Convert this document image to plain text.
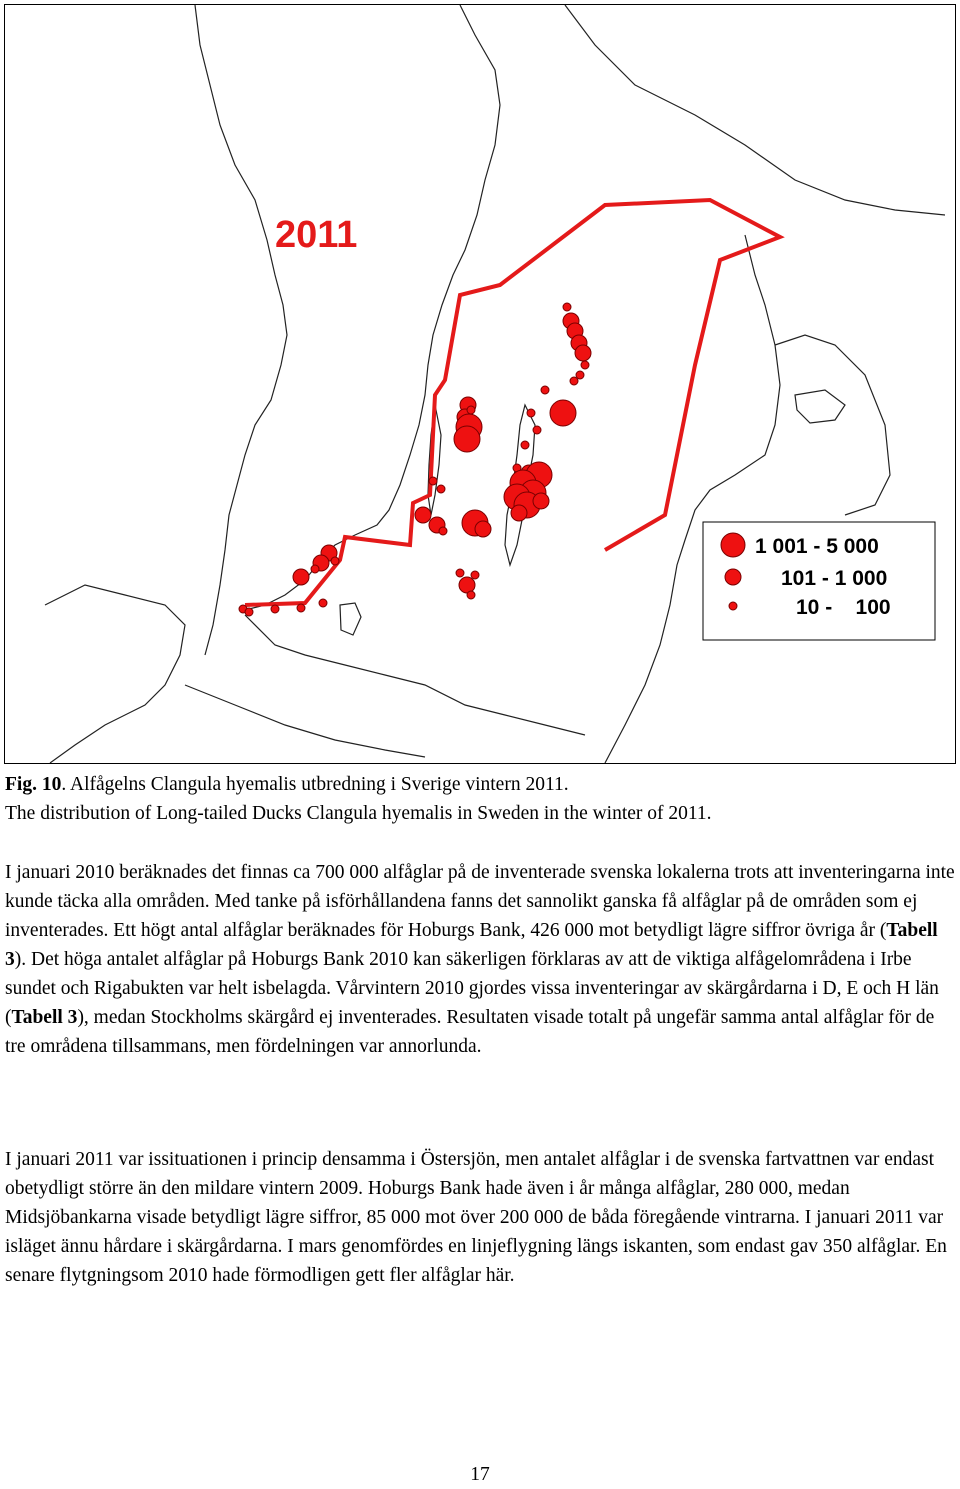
2011
1 001 - 5 000
101 - 1 000
10 -    100
Fig. 10. Alfågelns Clangula hyemalis utbredning i Sverige vintern 2011.
The distribution of Long-tailed Ducks Clangula hyemalis in Sweden in the winter of 2011.

I januari 2010 beräknades det finnas ca 700 000 alfåglar på de inventerade svenska lokalerna trots att inventeringarna inte kunde täcka alla områden. Med tanke på isförhållandena fanns det sannolikt ganska få alfåglar på de områden som ej inventerades. Ett högt antal alfåglar beräknades för Hoburgs Bank, 426 000 mot betydligt lägre siffror övriga år (Tabell 3). Det höga antalet alfåglar på Hoburgs Bank 2010 kan säkerligen förklaras av att de viktiga alfågelområdena i Irbe sundet och Rigabukten var helt isbelagda. Vårvintern 2010 gjordes vissa inventeringar av skärgårdarna i D, E och H län (Tabell 3), medan Stockholms skärgård ej inventerades. Resultaten visade totalt på ungefär samma antal alfåglar för de tre områdena tillsammans, men fördelningen var annorlunda.

I januari 2011 var issituationen i princip densamma i Östersjön, men antalet alfåglar i de svenska fartvattnen var endast obetydligt större än den mildare vintern 2009. Hoburgs Bank hade även i år många alfåglar, 280 000, medan Midsjöbankarna visade betydligt lägre siffror, 85 000 mot över 200 000 de båda föregående vintrarna. I januari 2011 var isläget ännu hårdare i skärgårdarna. I mars genomfördes en linjeflygning längs iskanten, som endast gav 350 alfåglar. En senare flytgningsom 2010 hade förmodligen gett fler alfåglar här.

17
